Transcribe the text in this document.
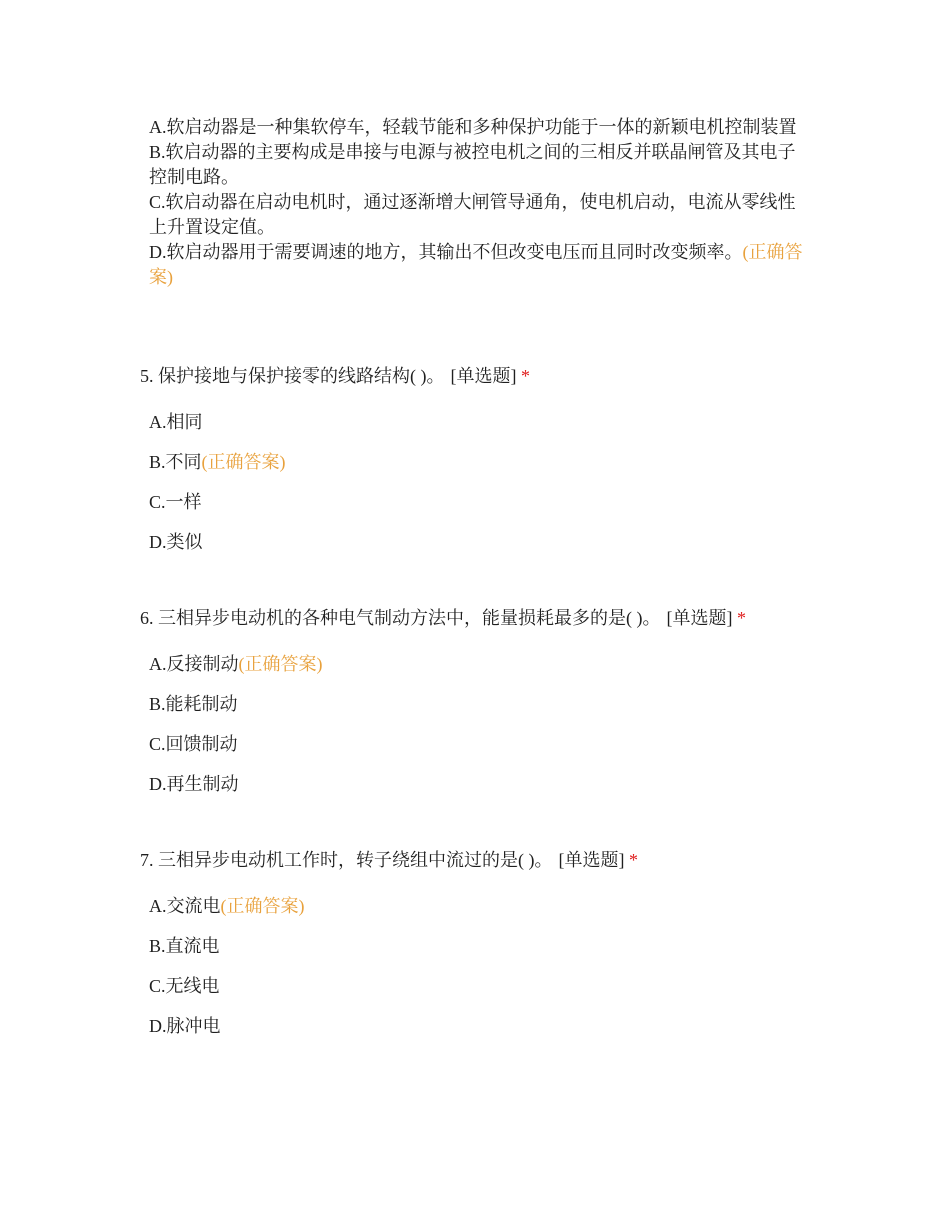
A.软启动器是一种集软停车，轻载节能和多种保护功能于一体的新颖电机控制装置

B.软启动器的主要构成是串接与电源与被控电机之间的三相反并联晶闸管及其电子控制电路。

C.软启动器在启动电机时，通过逐渐增大闸管导通角，使电机启动，电流从零线性上升置设定值。

D.软启动器用于需要调速的地方，其输出不但改变电压而且同时改变频率。(正确答案)

5. 保护接地与保护接零的线路结构( )。 [单选题] *
A.相同
B.不同(正确答案)
C.一样
D.类似
6. 三相异步电动机的各种电气制动方法中，能量损耗最多的是( )。 [单选题] *
A.反接制动(正确答案)
B.能耗制动
C.回馈制动
D.再生制动
7. 三相异步电动机工作时，转子绕组中流过的是( )。 [单选题] *
A.交流电(正确答案)
B.直流电
C.无线电
D.脉冲电
